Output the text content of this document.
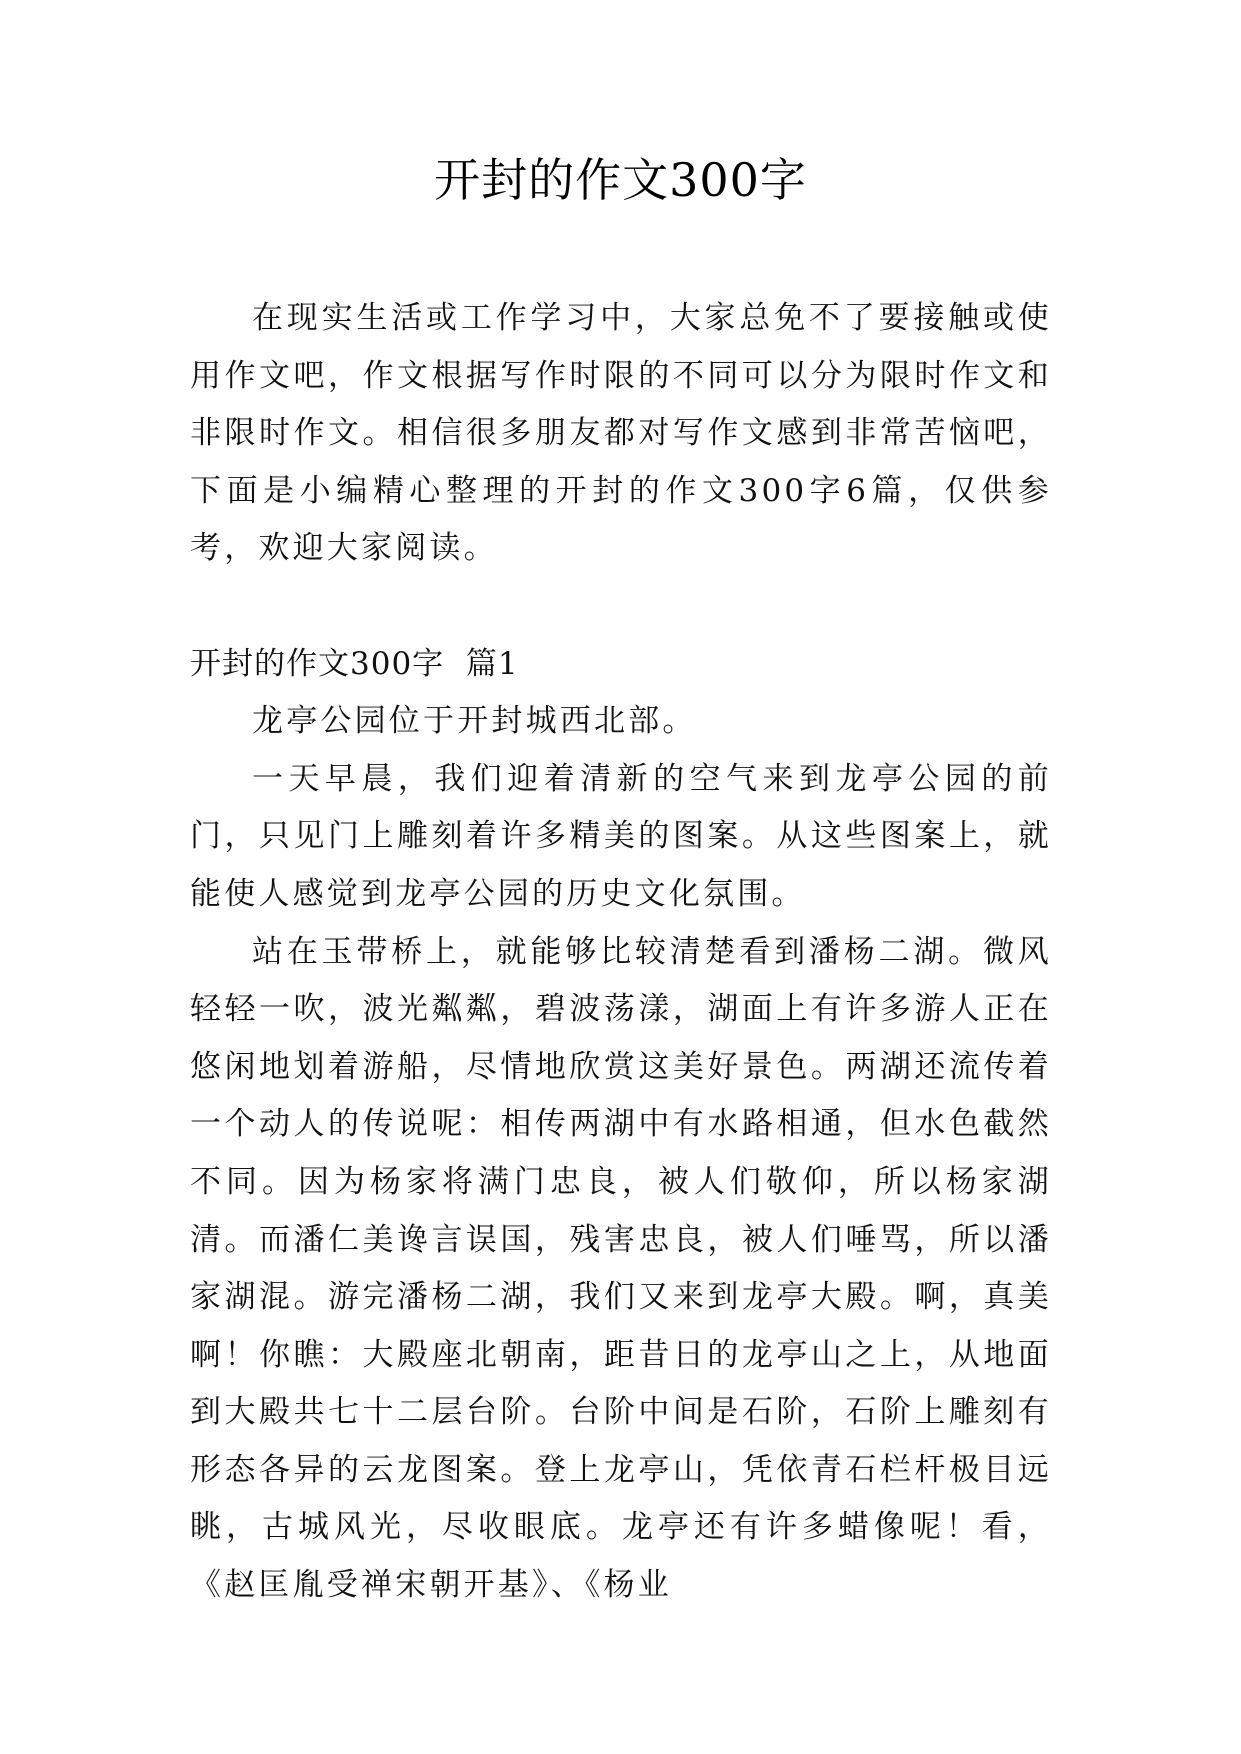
开封的作文300字

在现实生活或工作学习中，大家总免不了要接触或使用作文吧，作文根据写作时限的不同可以分为限时作文和非限时作文。相信很多朋友都对写作文感到非常苦恼吧，下面是小编精心整理的开封的作文300字6篇，仅供参考，欢迎大家阅读。

开封的作文300字  篇1

龙亭公园位于开封城西北部。

一天早晨，我们迎着清新的空气来到龙亭公园的前门，只见门上雕刻着许多精美的图案。从这些图案上，就能使人感觉到龙亭公园的历史文化氛围。

站在玉带桥上，就能够比较清楚看到潘杨二湖。微风轻轻一吹，波光粼粼，碧波荡漾，湖面上有许多游人正在悠闲地划着游船，尽情地欣赏这美好景色。两湖还流传着一个动人的传说呢：相传两湖中有水路相通，但水色截然不同。因为杨家将满门忠良，被人们敬仰，所以杨家湖清。而潘仁美谗言误国，残害忠良，被人们唾骂，所以潘家湖混。游完潘杨二湖，我们又来到龙亭大殿。啊，真美啊！你瞧：大殿座北朝南，距昔日的龙亭山之上，从地面到大殿共七十二层台阶。台阶中间是石阶，石阶上雕刻有形态各异的云龙图案。登上龙亭山，凭依青石栏杆极目远眺，古城风光，尽收眼底。龙亭还有许多蜡像呢！看，《赵匡胤受禅宋朝开基》、《杨业
